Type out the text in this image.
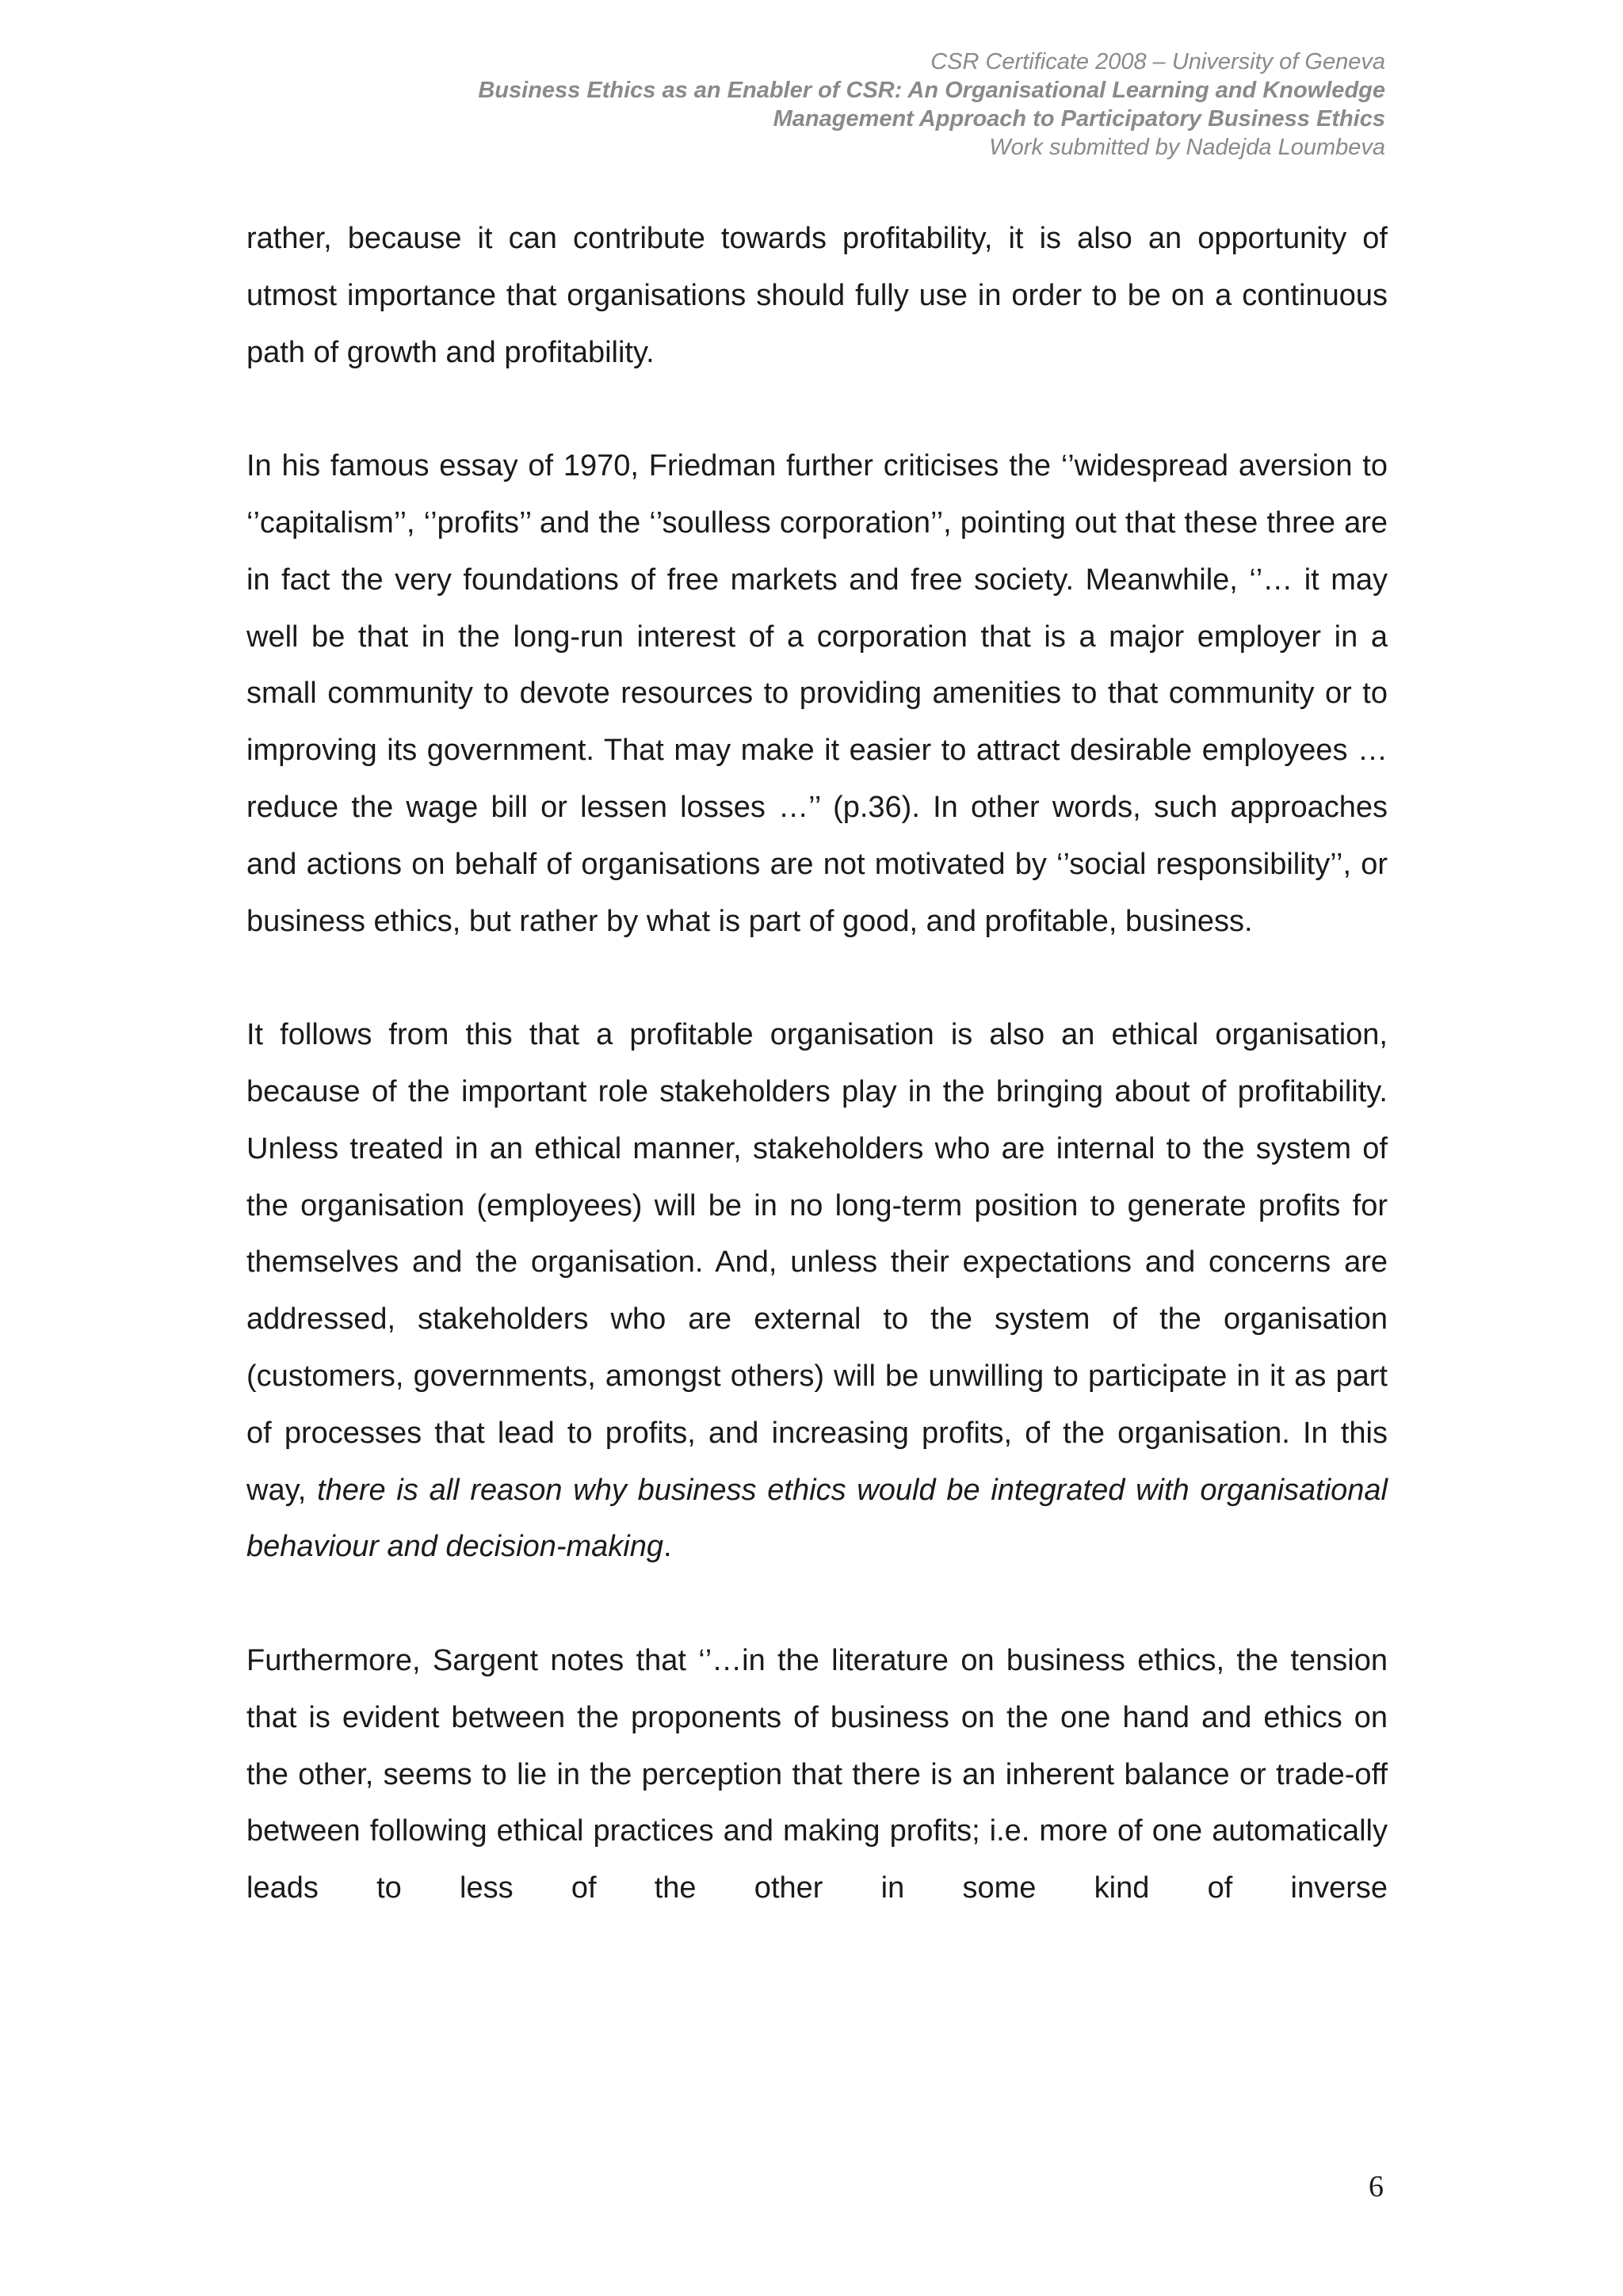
CSR Certificate 2008 – University of Geneva
Business Ethics as an Enabler of CSR: An Organisational Learning and Knowledge
Management Approach to Participatory Business Ethics
Work submitted by Nadejda Loumbeva

rather, because it can contribute towards profitability, it is also an opportunity of utmost importance that organisations should fully use in order to be on a continuous path of growth and profitability.

In his famous essay of 1970, Friedman further criticises the ‘’widespread aversion to ‘’capitalism’’, ‘’profits’’ and the ‘’soulless corporation’’, pointing out that these three are in fact the very foundations of free markets and free society. Meanwhile, ‘’… it may well be that in the long-run interest of a corporation that is a major employer in a small community to devote resources to providing amenities to that community or to improving its government. That may make it easier to attract desirable employees … reduce the wage bill or lessen losses …’’ (p.36). In other words, such approaches and actions on behalf of organisations are not motivated by ‘’social responsibility’’, or business ethics, but rather by what is part of good, and profitable, business.

It follows from this that a profitable organisation is also an ethical organisation, because of the important role stakeholders play in the bringing about of profitability. Unless treated in an ethical manner, stakeholders who are internal to the system of the organisation (employees) will be in no long-term position to generate profits for themselves and the organisation. And, unless their expectations and concerns are addressed, stakeholders who are external to the system of the organisation (customers, governments, amongst others) will be unwilling to participate in it as part of processes that lead to profits, and increasing profits, of the organisation. In this way, there is all reason why business ethics would be integrated with organisational behaviour and decision-making.

Furthermore, Sargent notes that ‘’…in the literature on business ethics, the tension that is evident between the proponents of business on the one hand and ethics on the other, seems to lie in the perception that there is an inherent balance or trade-off between following ethical practices and making profits; i.e. more of one automatically leads to less of the other in some kind of inverse

6
